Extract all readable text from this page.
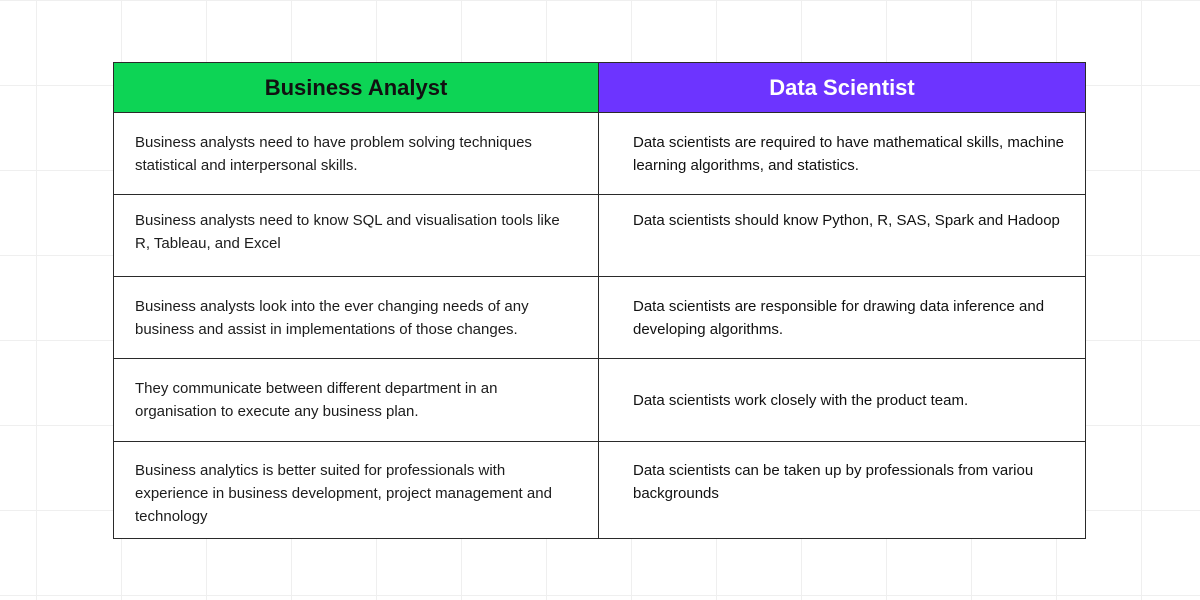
Business Analyst	Data Scientist
Business analysts need to have problem solving techniques statistical and interpersonal skills.	Data scientists are required to have mathematical skills, machine learning algorithms, and statistics.
Business analysts need to know SQL and visualisation tools like R, Tableau, and Excel	Data scientists should know Python, R, SAS, Spark and Hadoop
Business analysts look into the ever changing needs of any business and assist in implementations of those changes.	Data scientists are responsible for drawing data inference and developing algorithms.
They communicate between different department in an organisation to execute any business plan.	Data scientists work closely with the product team.
Business analytics is better suited for professionals with experience in business development, project management and technology	Data scientists can be taken up by professionals from variou backgrounds
